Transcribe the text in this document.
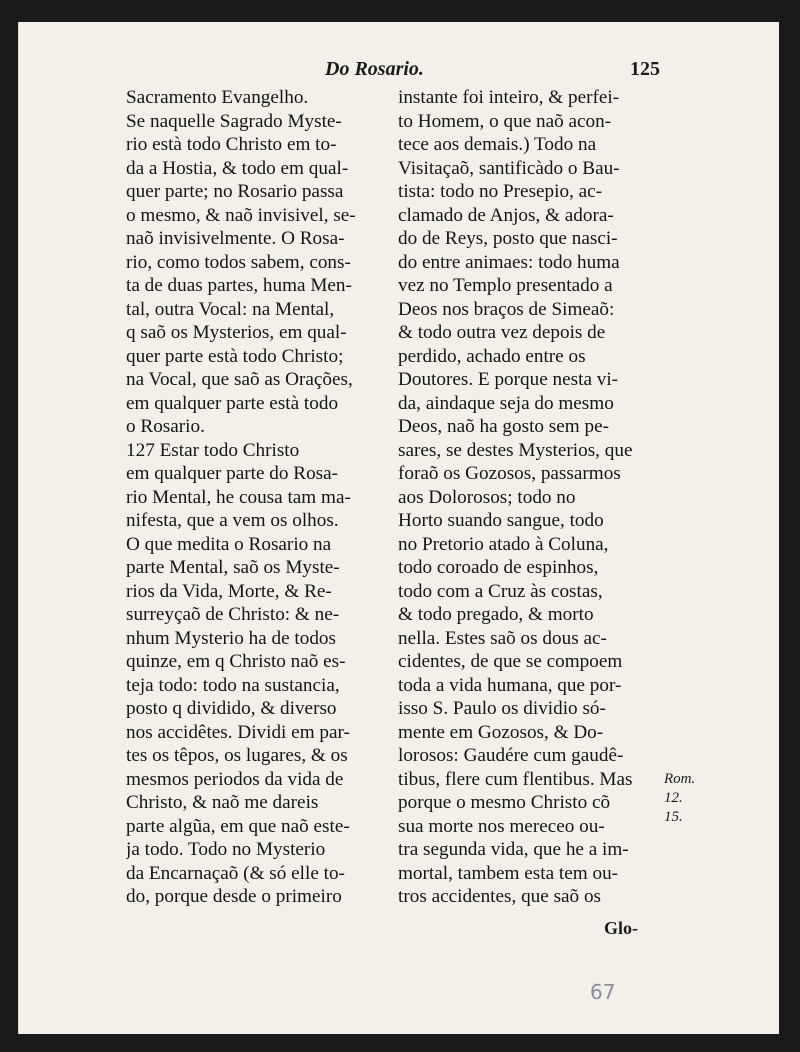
Do Rosario.	125
Sacramento Evangelho.
Se naquelle Sagrado Myste-
rio està todo Christo em to-
da a Hostia, & todo em qual-
quer parte; no Rosario passa
o mesmo, & naõ invisivel, se-
naõ invisivelmente. O Rosa-
rio, como todos sabem, cons-
ta de duas partes, huma Men-
tal, outra Vocal: na Mental,
q saõ os Mysterios, em qual-
quer parte està todo Christo;
na Vocal, que saõ as Orações,
em qualquer parte està todo
o Rosario.
127 Estar todo Christo
em qualquer parte do Rosa-
rio Mental, he cousa tam ma-
nifesta, que a vem os olhos.
O que medita o Rosario na
parte Mental, saõ os Myste-
rios da Vida, Morte, & Re-
surreyçaõ de Christo: & ne-
nhum Mysterio ha de todos
quinze, em q Christo naõ es-
teja todo: todo na sustancia,
posto q dividido, & diverso
nos accidêtes. Dividi em par-
tes os têpos, os lugares, & os
mesmos periodos da vida de
Christo, & naõ me dareis
parte algũa, em que naõ este-
ja todo. Todo no Mysterio
da Encarnaçaõ (& só elle to-
do, porque desde o primeiro
instante foi inteiro, & perfei-
to Homem, o que naõ acon-
tece aos demais.) Todo na
Visitaçaõ, santificàdo o Bau-
tista: todo no Presepio, ac-
clamado de Anjos, & adora-
do de Reys, posto que nasci-
do entre animaes: todo huma
vez no Templo presentado a
Deos nos braços de Simeaõ:
& todo outra vez depois de
perdido, achado entre os
Doutores. E porque nesta vi-
da, aindaque seja do mesmo
Deos, naõ ha gosto sem pe-
sares, se destes Mysterios, que
foraõ os Gozosos, passarmos
aos Dolorosos; todo no
Horto suando sangue, todo
no Pretorio atado à Coluna,
todo coroado de espinhos,
todo com a Cruz às costas,
& todo pregado, & morto
nella. Estes saõ os dous ac-
cidentes, de que se compoem
toda a vida humana, que por-
isso S. Paulo os dividio só-
mente em Gozosos, & Do-
lorosos: Gaudére cum gaudê-
tibus, flere cum flentibus. Mas
porque o mesmo Christo cõ
sua morte nos mereceo ou-
tra segunda vida, que he a im-
mortal, tambem esta tem ou-
tros accidentes, que saõ os
Rom.
12.
15.
Glo-
67
